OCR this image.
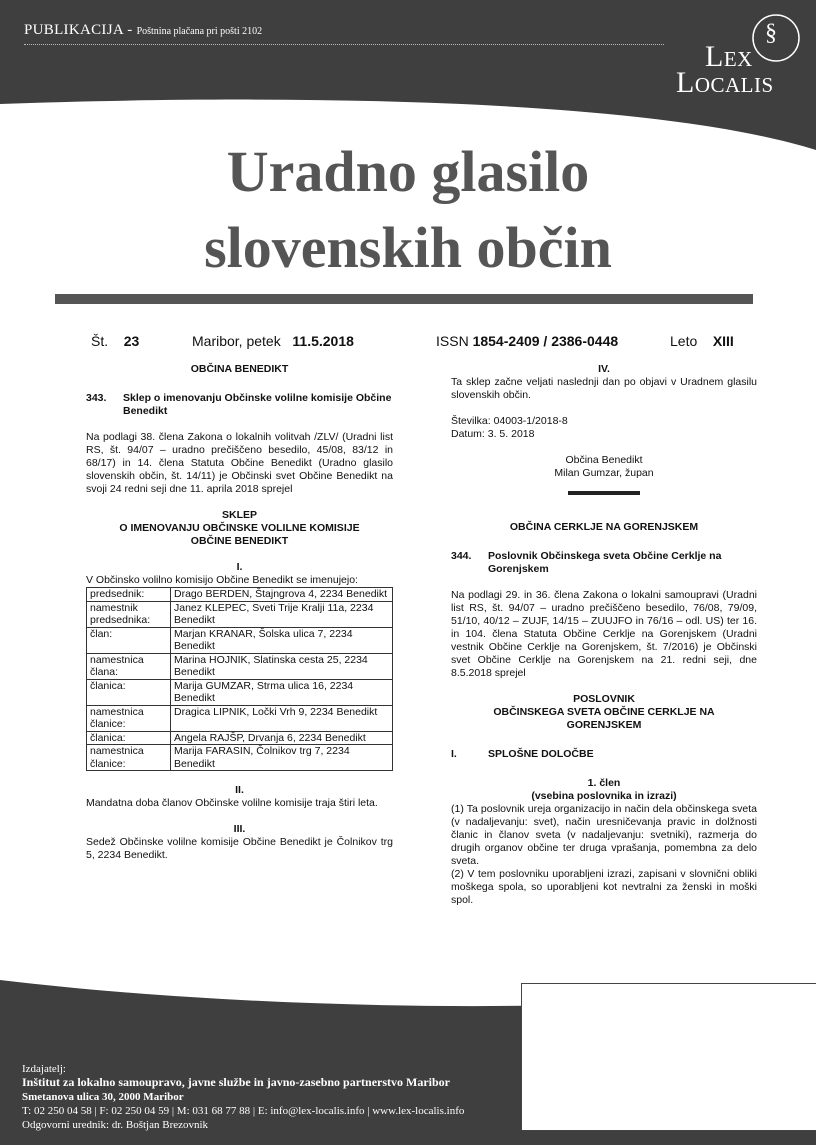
PUBLIKACIJA - Poštnina plačana pri pošti 2102	§
Lex
Localis
Uradno glasilo
slovenskih občin
Št. 23	Maribor, petek 11.5.2018	ISSN 1854-2409 / 2386-0448	Leto XIII

OBČINA BENEDIKT

343.	Sklep o imenovanju Občinske volilne komisije Občine Benedikt

Na podlagi 38. člena Zakona o lokalnih volitvah /ZLV/ (Uradni list RS, št. 94/07 – uradno prečiščeno besedilo, 45/08, 83/12 in 68/17) in 14. člena Statuta Občine Benedikt (Uradno glasilo slovenskih občin, št. 14/11) je Občinski svet Občine Benedikt na svoji 24 redni seji dne 11. aprila 2018 sprejel

SKLEP

O IMENOVANJU OBČINSKE VOLILNE KOMISIJE

OBČINE BENEDIKT

I.

V Občinsko volilno komisijo Občine Benedikt se imenujejo:

predsednik:	Drago BERDEN, Štajngrova 4, 2234 Benedikt
namestnik predsednika:	Janez KLEPEC, Sveti Trije Kralji 11a, 2234 Benedikt
član:	Marjan KRANAR, Šolska ulica 7, 2234 Benedikt
namestnica člana:	Marina HOJNIK, Slatinska cesta 25, 2234 Benedikt
članica:	Marija GUMZAR, Strma ulica 16, 2234 Benedikt
namestnica članice:	Dragica LIPNIK, Ločki Vrh 9, 2234 Benedikt
članica:	Angela RAJŠP, Drvanja 6, 2234 Benedikt
namestnica članice:	Marija FARASIN, Čolnikov trg 7, 2234 Benedikt

II.

Mandatna doba članov Občinske volilne komisije traja štiri leta.

III.

Sedež Občinske volilne komisije Občine Benedikt je Čolnikov trg 5, 2234 Benedikt.

IV.

Ta sklep začne veljati naslednji dan po objavi v Uradnem glasilu slovenskih občin.

Številka: 04003-1/2018-8

Datum: 3. 5. 2018

Občina Benedikt

Milan Gumzar, župan

OBČINA CERKLJE NA GORENJSKEM

344.	Poslovnik Občinskega sveta Občine Cerklje na Gorenjskem

Na podlagi 29. in 36. člena Zakona o lokalni samoupravi (Uradni list RS, št. 94/07 – uradno prečiščeno besedilo, 76/08, 79/09, 51/10, 40/12 – ZUJF, 14/15 – ZUUJFO in 76/16 – odl. US) ter 16. in 104. člena Statuta Občine Cerklje na Gorenjskem (Uradni vestnik Občine Cerklje na Gorenjskem, št. 7/2016) je Občinski svet Občine Cerklje na Gorenjskem na 21. redni seji, dne 8.5.2018 sprejel

POSLOVNIK

OBČINSKEGA SVETA OBČINE CERKLJE NA

GORENJSKEM

I.	SPLOŠNE DOLOČBE

1. člen

(vsebina poslovnika in izrazi)

(1) Ta poslovnik ureja organizacijo in način dela občinskega sveta (v nadaljevanju: svet), način uresničevanja pravic in dolžnosti članic in članov sveta (v nadaljevanju: svetniki), razmerja do drugih organov občine ter druga vprašanja, pomembna za delo sveta.

(2) V tem poslovniku uporabljeni izrazi, zapisani v slovnični obliki moškega spola, so uporabljeni kot nevtralni za ženski in moški spol.

Izdajatelj:
Inštitut za lokalno samoupravo, javne službe in javno-zasebno partnerstvo Maribor
Smetanova ulica 30, 2000 Maribor
T: 02 250 04 58 | F: 02 250 04 59 | M: 031 68 77 88 | E: info@lex-localis.info | www.lex-localis.info
Odgovorni urednik: dr. Boštjan Brezovnik
